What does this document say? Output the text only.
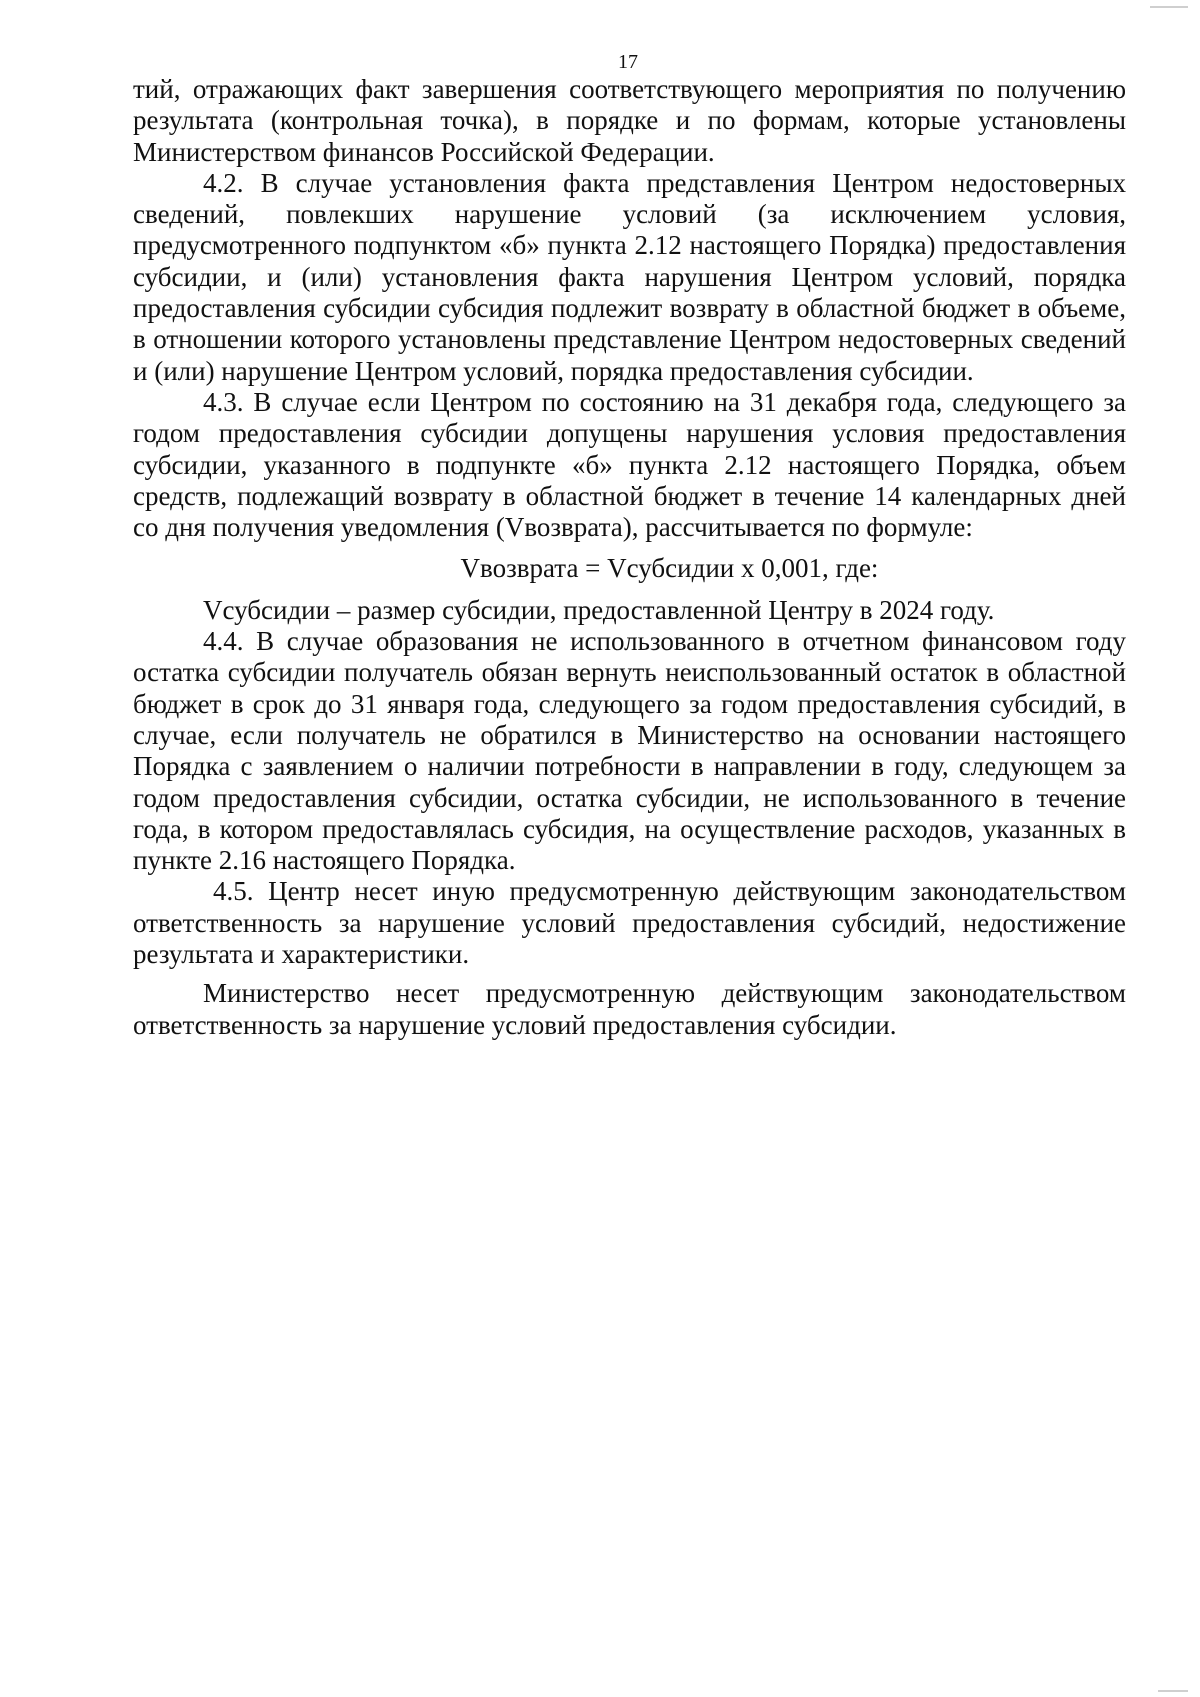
17

тий, отражающих факт завершения соответствующего мероприятия по получению результата (контрольная точка), в порядке и по формам, которые установлены Министерством финансов Российской Федерации.

4.2. В случае установления факта представления Центром недостоверных сведений, повлекших нарушение условий (за исключением условия, предусмотренного подпунктом «б» пункта 2.12 настоящего Порядка) предоставления субсидии, и (или) установления факта нарушения Центром условий, порядка предоставления субсидии субсидия подлежит возврату в областной бюджет в объеме, в отношении которого установлены представление Центром недостоверных сведений и (или) нарушение Центром условий, порядка предоставления субсидии.

4.3. В случае если Центром по состоянию на 31 декабря года, следующего за годом предоставления субсидии допущены нарушения условия предоставления субсидии, указанного в подпункте «б» пункта 2.12 настоящего Порядка, объем средств, подлежащий возврату в областной бюджет в течение 14 календарных дней со дня получения уведомления (Vвозврата), рассчитывается по формуле:

Vвозврата = Vсубсидии х 0,001, где:

Vсубсидии – размер субсидии, предоставленной Центру в 2024 году.

4.4. В случае образования не использованного в отчетном финансовом году остатка субсидии получатель обязан вернуть неиспользованный остаток в областной бюджет в срок до 31 января года, следующего за годом предоставления субсидий, в случае, если получатель не обратился в Министерство на основании настоящего Порядка с заявлением о наличии потребности в направлении в году, следующем за годом предоставления субсидии, остатка субсидии, не использованного в течение года, в котором предоставлялась субсидия, на осуществление расходов, указанных в пункте 2.16 настоящего Порядка.

4.5. Центр несет иную предусмотренную действующим законодательством ответственность за нарушение условий предоставления субсидий, недостижение результата и характеристики.

Министерство несет предусмотренную действующим законодательством ответственность за нарушение условий предоставления субсидии.
